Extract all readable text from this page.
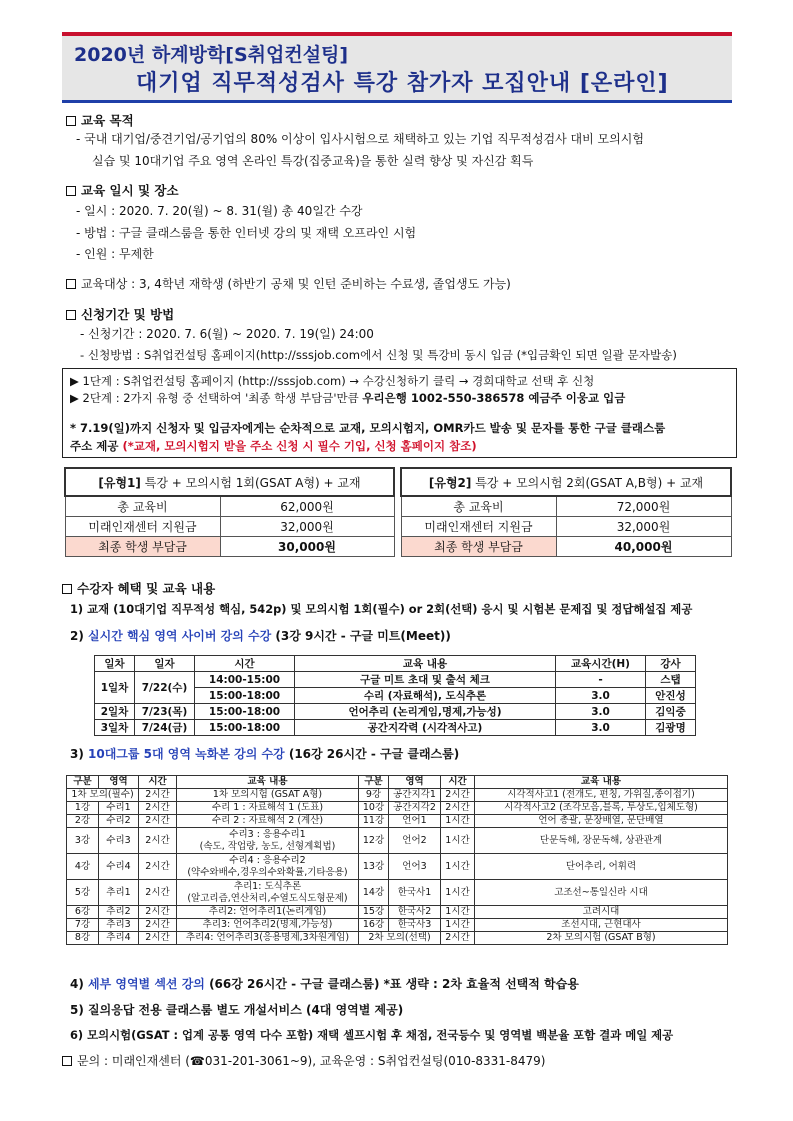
2020년 하계방학[S취업컨설팅]
대기업 직무적성검사 특강 참가자 모집안내 [온라인]
교육 목적
- 국내 대기업/중견기업/공기업의 80% 이상이 입사시험으로 채택하고 있는 기업 직무적성검사 대비 모의시험
실습 및 10대기업 주요 영역 온라인 특강(집중교육)을 통한 실력 향상 및 자신감 획득
교육 일시 및 장소
- 일시 : 2020. 7. 20(월) ~ 8. 31(월) 총 40일간 수강
- 방법 : 구글 클래스룸을 통한 인터넷 강의 및 재택 오프라인 시험
- 인원 : 무제한
교육대상 : 3, 4학년 재학생 (하반기 공채 및 인턴 준비하는 수료생, 졸업생도 가능)
신청기간 및 방법
- 신청기간 : 2020. 7. 6(월) ~ 2020. 7. 19(일) 24:00
- 신청방법 : S취업컨설팅 홈페이지(http://sssjob.com에서 신청 및 특강비 동시 입금 (*입금확인 되면 일괄 문자발송)
▶ 1단계 : S취업컨설팅 홈페이지 (http://sssjob.com) → 수강신청하기 클릭 → 경희대학교 선택 후 신청
▶ 2단계 : 2가지 유형 중 선택하여 '최종 학생 부담금'만큼 우리은행 1002-550-386578 예금주 이웅교 입금
* 7.19(일)까지 신청자 및 입금자에게는 순차적으로 교재, 모의시험지, OMR카드 발송 및 문자를 통한 구글 클래스룸
주소 제공 (*교재, 모의시험지 받을 주소 신청 시 필수 기입, 신청 홈페이지 참조)
[유형1] 특강 + 모의시험 1회(GSAT A형) + 교재	
총 교육비	62,000원
미래인재센터 지원금	32,000원
최종 학생 부담금	30,000원
[유형2] 특강 + 모의시험 2회(GSAT A,B형) + 교재	
총 교육비	72,000원
미래인재센터 지원금	32,000원
최종 학생 부담금	40,000원
수강자 혜택 및 교육 내용
1) 교재 (10대기업 직무적성 핵심, 542p) 및 모의시험 1회(필수) or 2회(선택) 응시 및 시험본 문제집 및 정답해설집 제공
2) 실시간 핵심 영역 사이버 강의 수강 (3강 9시간 - 구글 미트(Meet))
일차	일자	시간	교육 내용	교육시간(H)	강사
1일차	7/22(수)	14:00-15:00	구글 미트 초대 및 출석 체크	-	스탭
		15:00-18:00	수리 (자료해석), 도식추론	3.0	안진성
2일차	7/23(목)	15:00-18:00	언어추리 (논리게임,명제,가능성)	3.0	김익중
3일차	7/24(금)	15:00-18:00	공간지각력 (시각적사고)	3.0	김광명
3) 10대그룹 5대 영역 녹화본 강의 수강 (16강 26시간 - 구글 클래스룸)
구분	영역	시간	교육 내용	구분	영역	시간	교육 내용
1차 모의(필수)		2시간	1차 모의시험 (GSAT A형)	9강	공간지각1	2시간	시각적사고1 (전개도, 펀칭, 가위질,종이접기)
1강	수리1	2시간	수리 1 : 자료해석 1 (도표)	10강	공간지각2	2시간	시각적사고2 (조각모음,블록, 투상도,입체도형)
2강	수리2	2시간	수리 2 : 자료해석 2 (계산)	11강	언어1	1시간	언어 총괄, 문장배열, 문단배열
3강	수리3	2시간	수리3 : 응용수리1
(속도, 작업량, 농도, 선형계획법)	12강	언어2	1시간	단문독해, 장문독해, 상관관계
4강	수리4	2시간	수리4 : 응용수리2
(약수와배수,경우의수와확률,기타응용)	13강	언어3	1시간	단어추리, 어휘력
5강	추리1	2시간	추리1: 도식추론
(알고리즘,연산처리,수열도식도형문제)	14강	한국사1	1시간	고조선~통일신라 시대
6강	추리2	2시간	추리2: 언어추리1(논리게임)	15강	한국사2	1시간	고려시대
7강	추리3	2시간	추리3: 언어추리2(명제,가능성)	16강	한국사3	1시간	조선시대, 근현대사
8강	추리4	2시간	추리4: 언어추리3(응용명제,3차원게임)	2차 모의(선택)		2시간	2차 모의시험 (GSAT B형)
4) 세부 영역별 섹션 강의 (66강 26시간 - 구글 클래스룸) *표 생략 : 2차 효율적 선택적 학습용
5) 질의응답 전용 클래스룸 별도 개설서비스 (4대 영역별 제공)
6) 모의시험(GSAT : 업계 공통 영역 다수 포함) 재택 셀프시험 후 채점, 전국등수 및 영역별 백분율 포함 결과 메일 제공
문의 : 미래인재센터 (☎031-201-3061~9), 교육운영 : S취업컨설팅(010-8331-8479)
